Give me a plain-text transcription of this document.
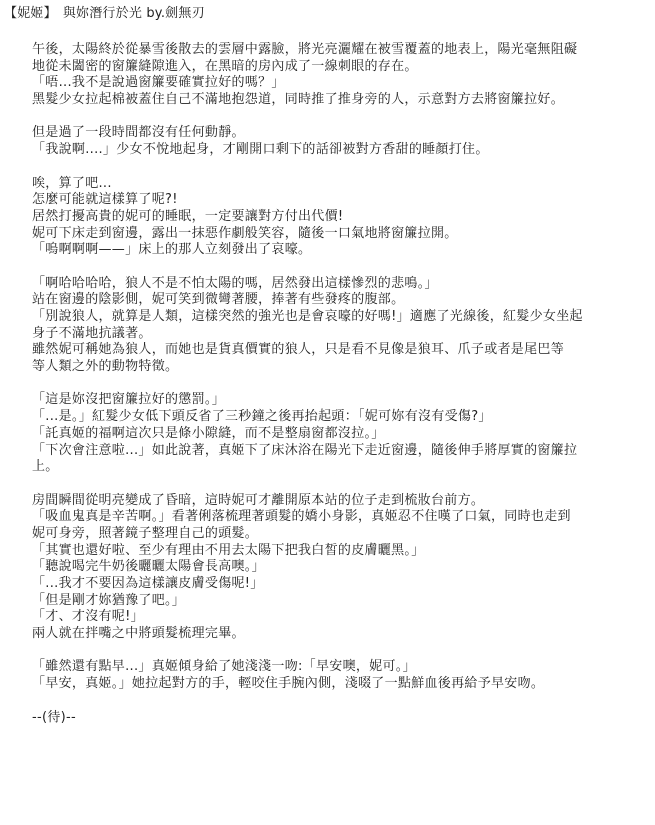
【妮姬】 與妳潛行於光 by.劍無刃
午後，太陽終於從暴雪後散去的雲層中露臉，將光亮灑耀在被雪覆蓋的地表上，陽光毫無阻礙
地從未闔密的窗簾縫隙進入，在黑暗的房內成了一線刺眼的存在。
「唔...我不是說過窗簾要確實拉好的嗎？」
黑髮少女拉起棉被蓋住自己不滿地抱怨道，同時推了推身旁的人，示意對方去將窗簾拉好。
但是過了一段時間都沒有任何動靜。
「我說啊....」少女不悅地起身，才剛開口剩下的話卻被對方香甜的睡顏打住。
唉，算了吧...
怎麼可能就這樣算了呢?!
居然打擾高貴的妮可的睡眠，一定要讓對方付出代價!
妮可下床走到窗邊，露出一抹惡作劇般笑容，隨後一口氣地將窗簾拉開。
「嗚啊啊啊——」床上的那人立刻發出了哀嚎。
「啊哈哈哈哈，狼人不是不怕太陽的嗎，居然發出這樣慘烈的悲鳴。」
站在窗邊的陰影側，妮可笑到微彎著腰，捧著有些發疼的腹部。
「別說狼人，就算是人類，這樣突然的強光也是會哀嚎的好嗎!」適應了光線後，紅髮少女坐起
身子不滿地抗議著。
雖然妮可稱她為狼人，而她也是貨真價實的狼人，只是看不見像是狼耳、爪子或者是尾巴等
等人類之外的動物特徵。
「這是妳沒把窗簾拉好的懲罰。」
「...是。」紅髮少女低下頭反省了三秒鐘之後再抬起頭：「妮可妳有沒有受傷?」
「託真姬的福啊這次只是條小隙縫，而不是整扇窗都沒拉。」
「下次會注意啦...」如此說著，真姬下了床沐浴在陽光下走近窗邊，隨後伸手將厚實的窗簾拉
上。
房間瞬間從明亮變成了昏暗，這時妮可才離開原本站的位子走到梳妝台前方。
「吸血鬼真是辛苦啊。」看著俐落梳理著頭髮的嬌小身影，真姬忍不住嘆了口氣，同時也走到
妮可身旁，照著鏡子整理自己的頭髮。
「其實也還好啦、至少有理由不用去太陽下把我白皙的皮膚曬黑。」
「聽說喝完牛奶後曬曬太陽會長高噢。」
「...我才不要因為這樣讓皮膚受傷呢!」
「但是剛才妳猶豫了吧。」
「才、才沒有呢!」
兩人就在拌嘴之中將頭髮梳理完畢。
「雖然還有點早...」真姬傾身給了她淺淺一吻:「早安噢，妮可。」
「早安，真姬。」她拉起對方的手，輕咬住手腕內側，淺啜了一點鮮血後再給予早安吻。
--(待)--
